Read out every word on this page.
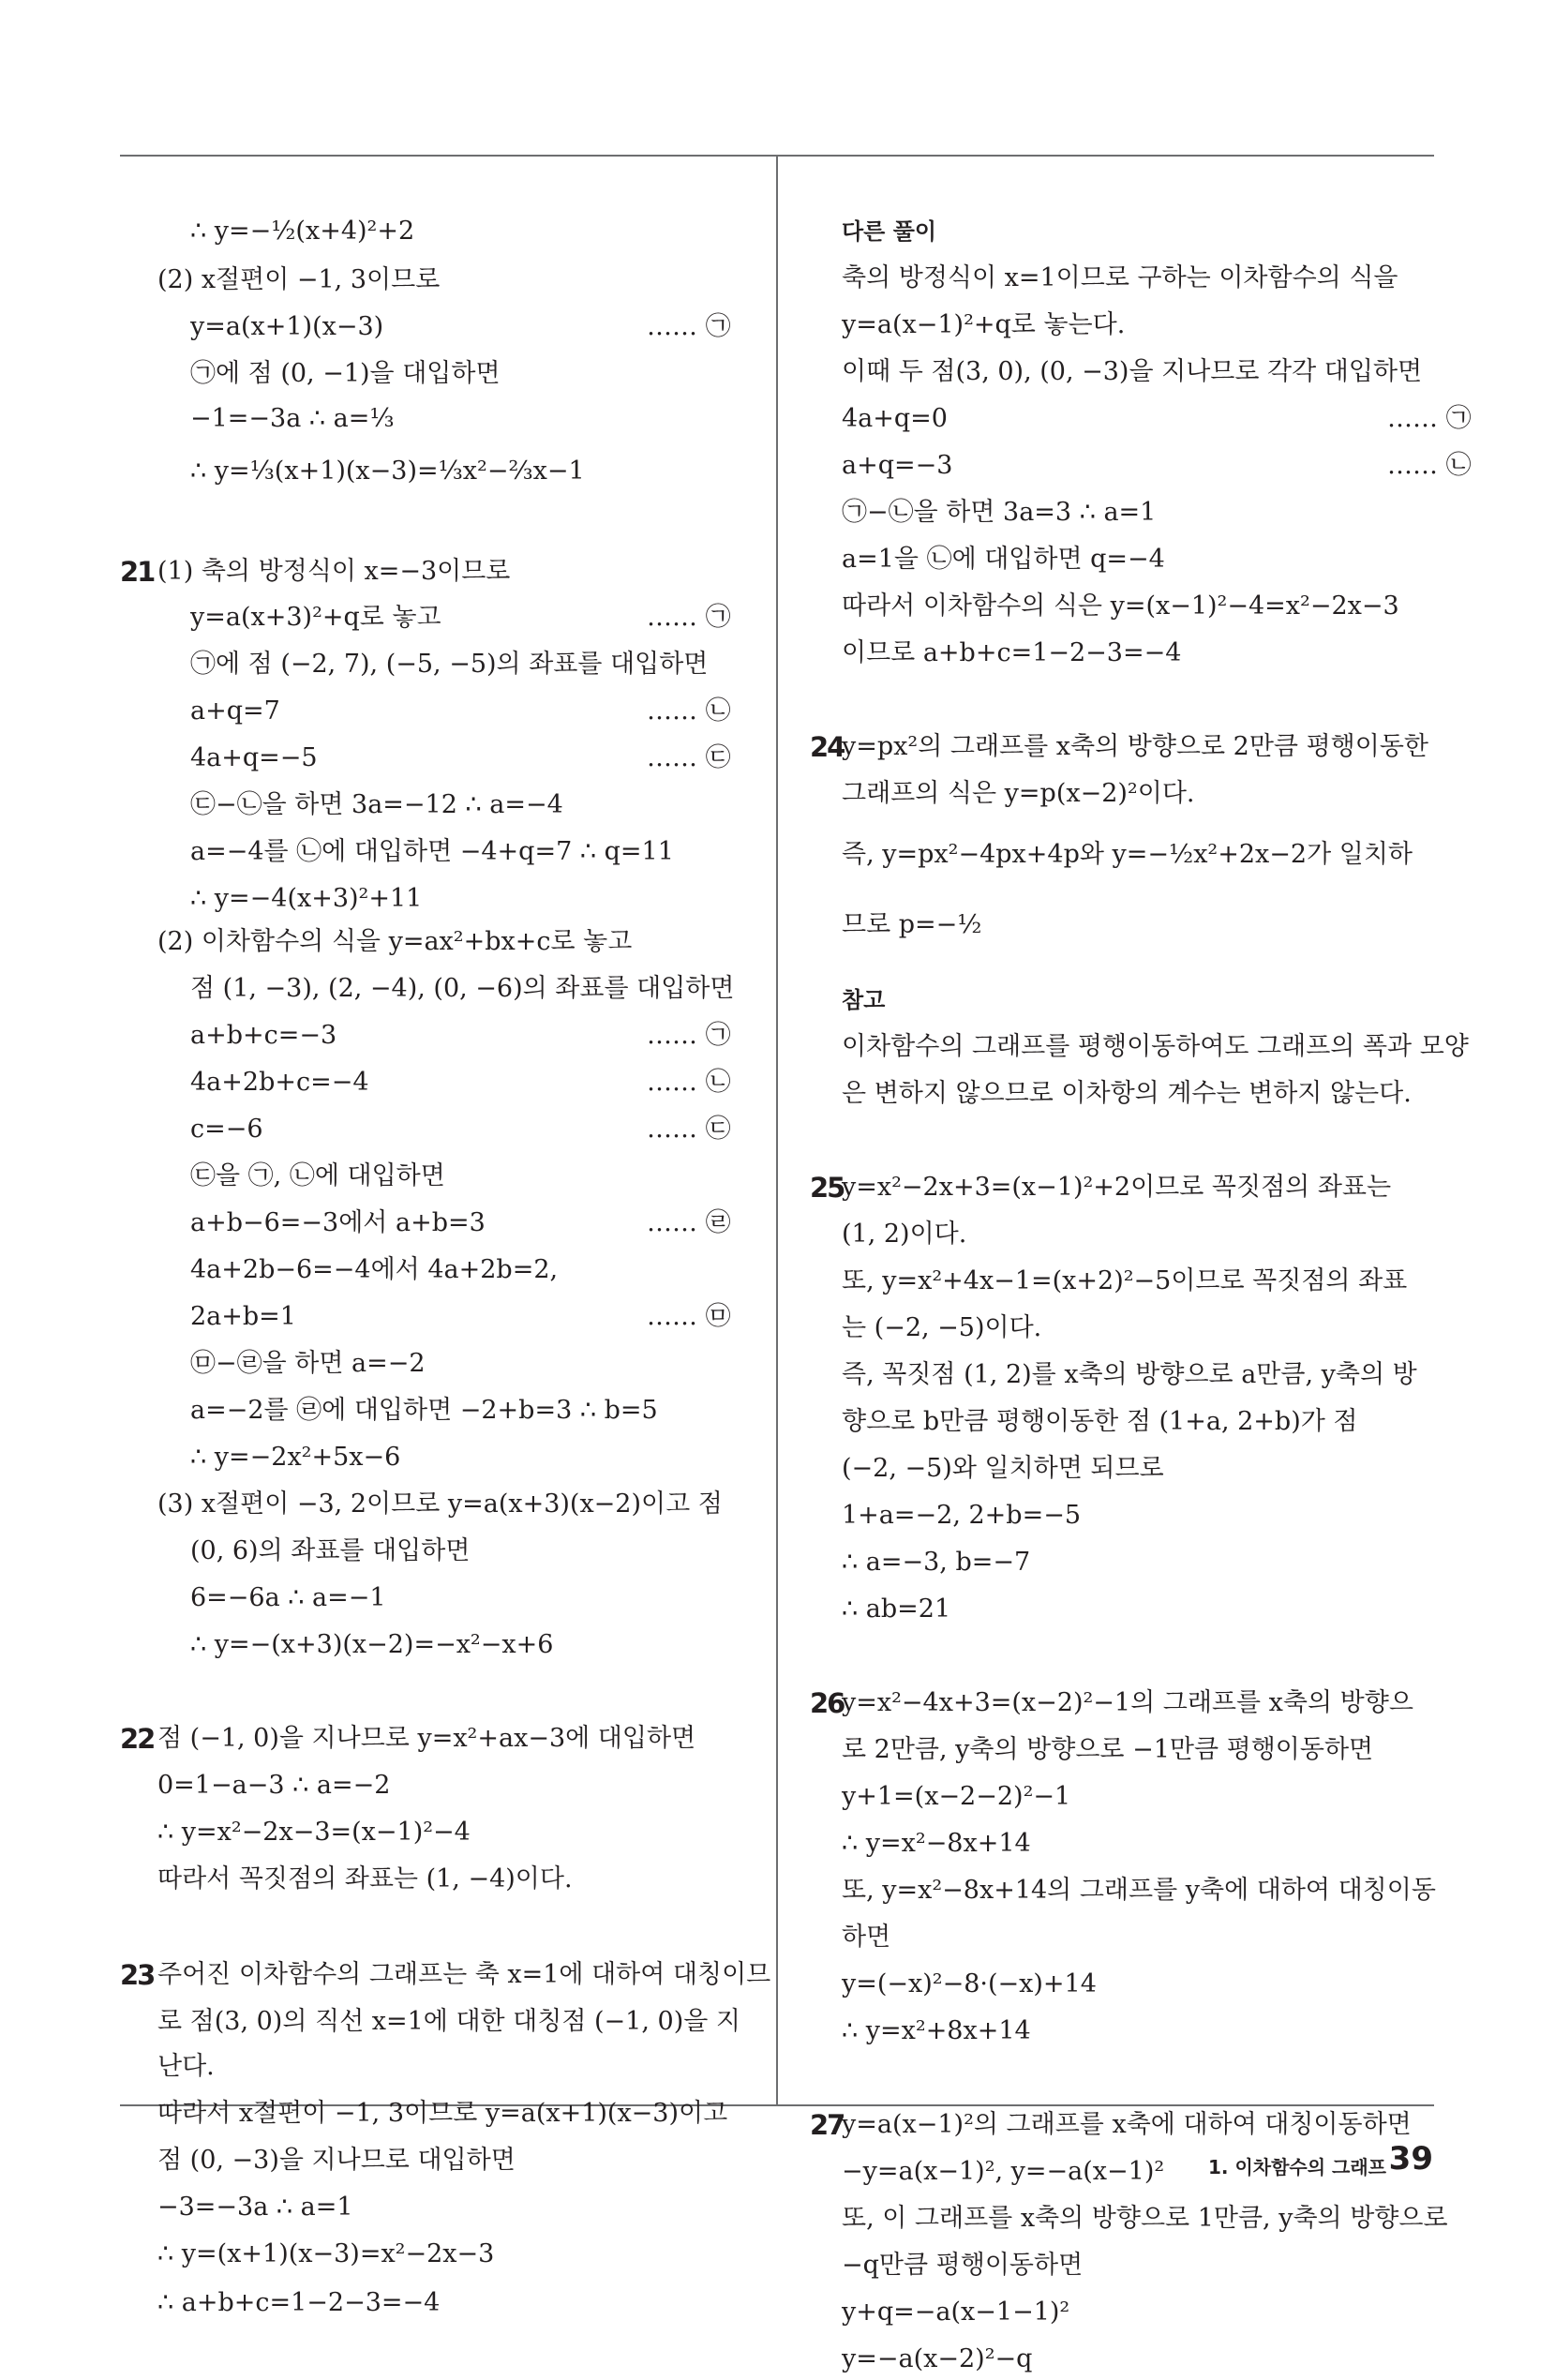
∴ y=−½(x+4)²+2
(2) x절편이 −1, 3이므로
y=a(x+1)(x−3)	…… ㉠
㉠에 점 (0, −1)을 대입하면
−1=−3a ∴ a=⅓
∴ y=⅓(x+1)(x−3)=⅓x²−⅔x−1
21 (1) 축의 방정식이 x=−3이므로
y=a(x+3)²+q로 놓고	…… ㉠
㉠에 점 (−2, 7), (−5, −5)의 좌표를 대입하면
a+q=7	…… ㉡
4a+q=−5	…… ㉢
㉢−㉡을 하면 3a=−12 ∴ a=−4
a=−4를 ㉡에 대입하면 −4+q=7 ∴ q=11
∴ y=−4(x+3)²+11
(2) 이차함수의 식을 y=ax²+bx+c로 놓고
점 (1, −3), (2, −4), (0, −6)의 좌표를 대입하면
a+b+c=−3	…… ㉠
4a+2b+c=−4	…… ㉡
c=−6	…… ㉢
㉢을 ㉠, ㉡에 대입하면
a+b−6=−3에서 a+b=3	…… ㉣
4a+2b−6=−4에서 4a+2b=2,
2a+b=1	…… ㉤
㉤−㉣을 하면 a=−2
a=−2를 ㉣에 대입하면 −2+b=3 ∴ b=5
∴ y=−2x²+5x−6
(3) x절편이 −3, 2이므로 y=a(x+3)(x−2)이고 점
(0, 6)의 좌표를 대입하면
6=−6a ∴ a=−1
∴ y=−(x+3)(x−2)=−x²−x+6
22 점 (−1, 0)을 지나므로 y=x²+ax−3에 대입하면
0=1−a−3 ∴ a=−2
∴ y=x²−2x−3=(x−1)²−4
따라서 꼭짓점의 좌표는 (1, −4)이다.
23 주어진 이차함수의 그래프는 축 x=1에 대하여 대칭이므
로 점(3, 0)의 직선 x=1에 대한 대칭점 (−1, 0)을 지
난다.
따라서 x절편이 −1, 3이므로 y=a(x+1)(x−3)이고
점 (0, −3)을 지나므로 대입하면
−3=−3a ∴ a=1
∴ y=(x+1)(x−3)=x²−2x−3
∴ a+b+c=1−2−3=−4
다른 풀이
축의 방정식이 x=1이므로 구하는 이차함수의 식을
y=a(x−1)²+q로 놓는다.
이때 두 점(3, 0), (0, −3)을 지나므로 각각 대입하면
4a+q=0	…… ㉠
a+q=−3	…… ㉡
㉠−㉡을 하면 3a=3 ∴ a=1
a=1을 ㉡에 대입하면 q=−4
따라서 이차함수의 식은 y=(x−1)²−4=x²−2x−3
이므로 a+b+c=1−2−3=−4
24
y=px²의 그래프를 x축의 방향으로 2만큼 평행이동한
그래프의 식은 y=p(x−2)²이다.
즉, y=px²−4px+4p와 y=−½x²+2x−2가 일치하
므로 p=−½
참고
이차함수의 그래프를 평행이동하여도 그래프의 폭과 모양
은 변하지 않으므로 이차항의 계수는 변하지 않는다.
25
y=x²−2x+3=(x−1)²+2이므로 꼭짓점의 좌표는
(1, 2)이다.
또, y=x²+4x−1=(x+2)²−5이므로 꼭짓점의 좌표
는 (−2, −5)이다.
즉, 꼭짓점 (1, 2)를 x축의 방향으로 a만큼, y축의 방
향으로 b만큼 평행이동한 점 (1+a, 2+b)가 점
(−2, −5)와 일치하면 되므로
1+a=−2, 2+b=−5
∴ a=−3, b=−7
∴ ab=21
26
y=x²−4x+3=(x−2)²−1의 그래프를 x축의 방향으
로 2만큼, y축의 방향으로 −1만큼 평행이동하면
y+1=(x−2−2)²−1
∴ y=x²−8x+14
또, y=x²−8x+14의 그래프를 y축에 대하여 대칭이동
하면
y=(−x)²−8·(−x)+14
∴ y=x²+8x+14
27
y=a(x−1)²의 그래프를 x축에 대하여 대칭이동하면
−y=a(x−1)², y=−a(x−1)²
또, 이 그래프를 x축의 방향으로 1만큼, y축의 방향으로
−q만큼 평행이동하면
y+q=−a(x−1−1)²
y=−a(x−2)²−q
1. 이차함수의 그래프 39
